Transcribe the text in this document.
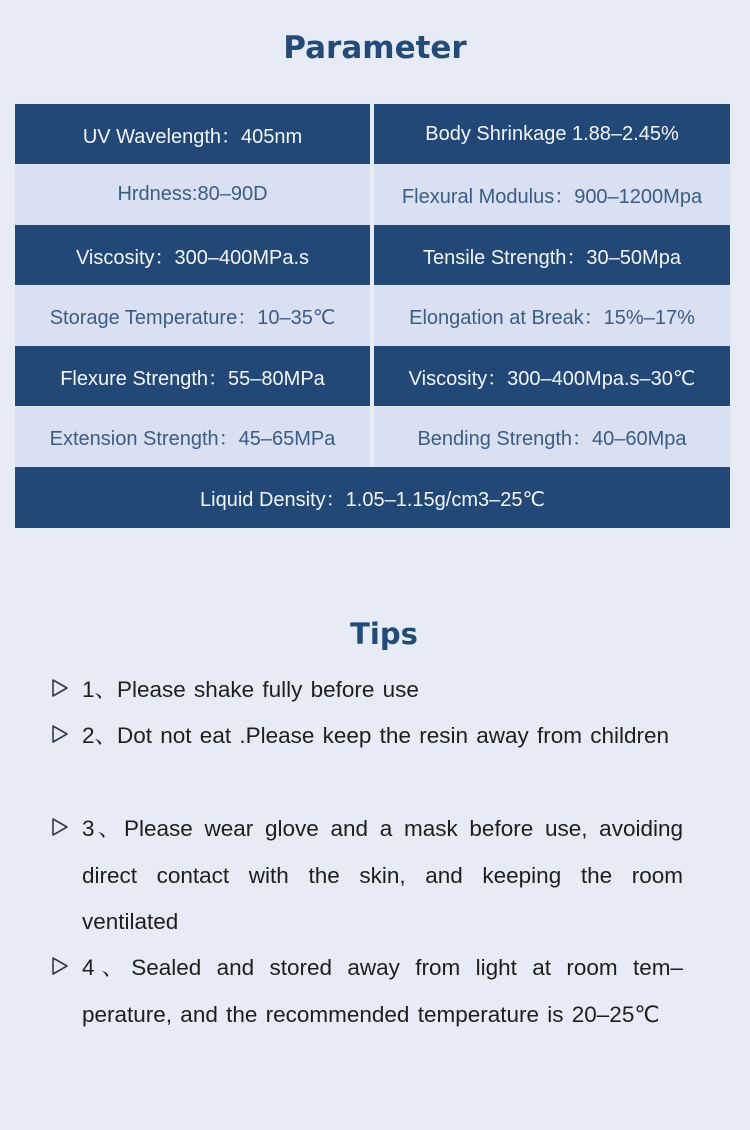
Parameter
UV Wavelength：405nm	Body Shrinkage 1.88–2.45%
Hrdness:80–90D	Flexural Modulus：900–1200Mpa
Viscosity：300–400MPa.s	Tensile Strength：30–50Mpa
Storage Temperature：10–35℃	Elongation at Break：15%–17%
Flexure Strength：55–80MPa	Viscosity：300–400Mpa.s–30℃
Extension Strength：45–65MPa	Bending Strength：40–60Mpa
Liquid Density：1.05–1.15g/cm3–25℃
Tips
1、Please shake fully before use
2、Dot not eat .Please keep the resin away from children
3、Please wear glove and a mask before use, avoiding direct contact with the skin, and keeping the room ventilated
4、Sealed and stored away from light at room tem–perature, and the recommended temperature is 20–25℃
